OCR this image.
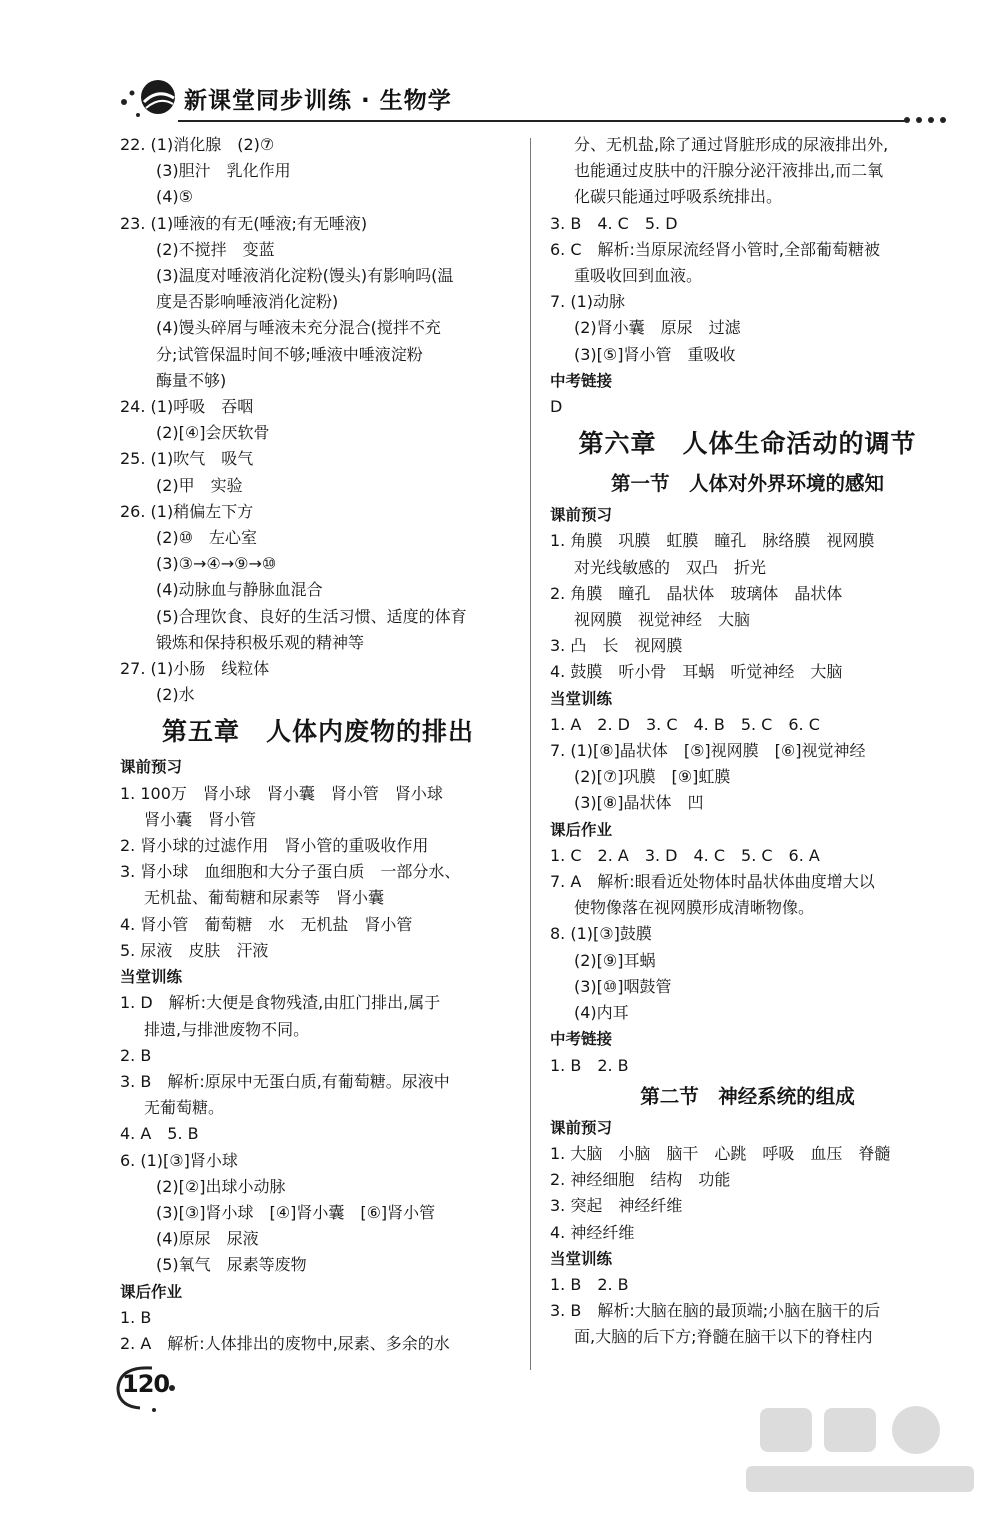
新课堂同步训练 · 生物学
22. (1)消化腺　(2)⑦
(3)胆汁　乳化作用
(4)⑤
23. (1)唾液的有无(唾液;有无唾液)
(2)不搅拌　变蓝
(3)温度对唾液消化淀粉(馒头)有影响吗(温
度是否影响唾液消化淀粉)
(4)馒头碎屑与唾液未充分混合(搅拌不充
分;试管保温时间不够;唾液中唾液淀粉
酶量不够)
24. (1)呼吸　吞咽
(2)[④]会厌软骨
25. (1)吹气　吸气
(2)甲　实验
26. (1)稍偏左下方
(2)⑩　左心室
(3)③→④→⑨→⑩
(4)动脉血与静脉血混合
(5)合理饮食、良好的生活习惯、适度的体育
锻炼和保持积极乐观的精神等
27. (1)小肠　线粒体
(2)水
第五章　人体内废物的排出
课前预习
1. 100万　肾小球　肾小囊　肾小管　肾小球
肾小囊　肾小管
2. 肾小球的过滤作用　肾小管的重吸收作用
3. 肾小球　血细胞和大分子蛋白质　一部分水、
无机盐、葡萄糖和尿素等　肾小囊
4. 肾小管　葡萄糖　水　无机盐　肾小管
5. 尿液　皮肤　汗液
当堂训练
1. D　解析:大便是食物残渣,由肛门排出,属于
排遗,与排泄废物不同。
2. B
3. B　解析:原尿中无蛋白质,有葡萄糖。尿液中
无葡萄糖。
4. A　5. B
6. (1)[③]肾小球
(2)[②]出球小动脉
(3)[③]肾小球　[④]肾小囊　[⑥]肾小管
(4)原尿　尿液
(5)氧气　尿素等废物
课后作业
1. B
2. A　解析:人体排出的废物中,尿素、多余的水
分、无机盐,除了通过肾脏形成的尿液排出外,
也能通过皮肤中的汗腺分泌汗液排出,而二氧
化碳只能通过呼吸系统排出。
3. B　4. C　5. D
6. C　解析:当原尿流经肾小管时,全部葡萄糖被
重吸收回到血液。
7. (1)动脉
(2)肾小囊　原尿　过滤
(3)[⑤]肾小管　重吸收
中考链接
D
第六章　人体生命活动的调节
第一节　人体对外界环境的感知
课前预习
1. 角膜　巩膜　虹膜　瞳孔　脉络膜　视网膜
对光线敏感的　双凸　折光
2. 角膜　瞳孔　晶状体　玻璃体　晶状体
视网膜　视觉神经　大脑
3. 凸　长　视网膜
4. 鼓膜　听小骨　耳蜗　听觉神经　大脑
当堂训练
1. A　2. D　3. C　4. B　5. C　6. C
7. (1)[⑧]晶状体　[⑤]视网膜　[⑥]视觉神经
(2)[⑦]巩膜　[⑨]虹膜
(3)[⑧]晶状体　凹
课后作业
1. C　2. A　3. D　4. C　5. C　6. A
7. A　解析:眼看近处物体时晶状体曲度增大以
使物像落在视网膜形成清晰物像。
8. (1)[③]鼓膜
(2)[⑨]耳蜗
(3)[⑩]咽鼓管
(4)内耳
中考链接
1. B　2. B
第二节　神经系统的组成
课前预习
1. 大脑　小脑　脑干　心跳　呼吸　血压　脊髓
2. 神经细胞　结构　功能
3. 突起　神经纤维
4. 神经纤维
当堂训练
1. B　2. B
3. B　解析:大脑在脑的最顶端;小脑在脑干的后
面,大脑的后下方;脊髓在脑干以下的脊柱内
120
